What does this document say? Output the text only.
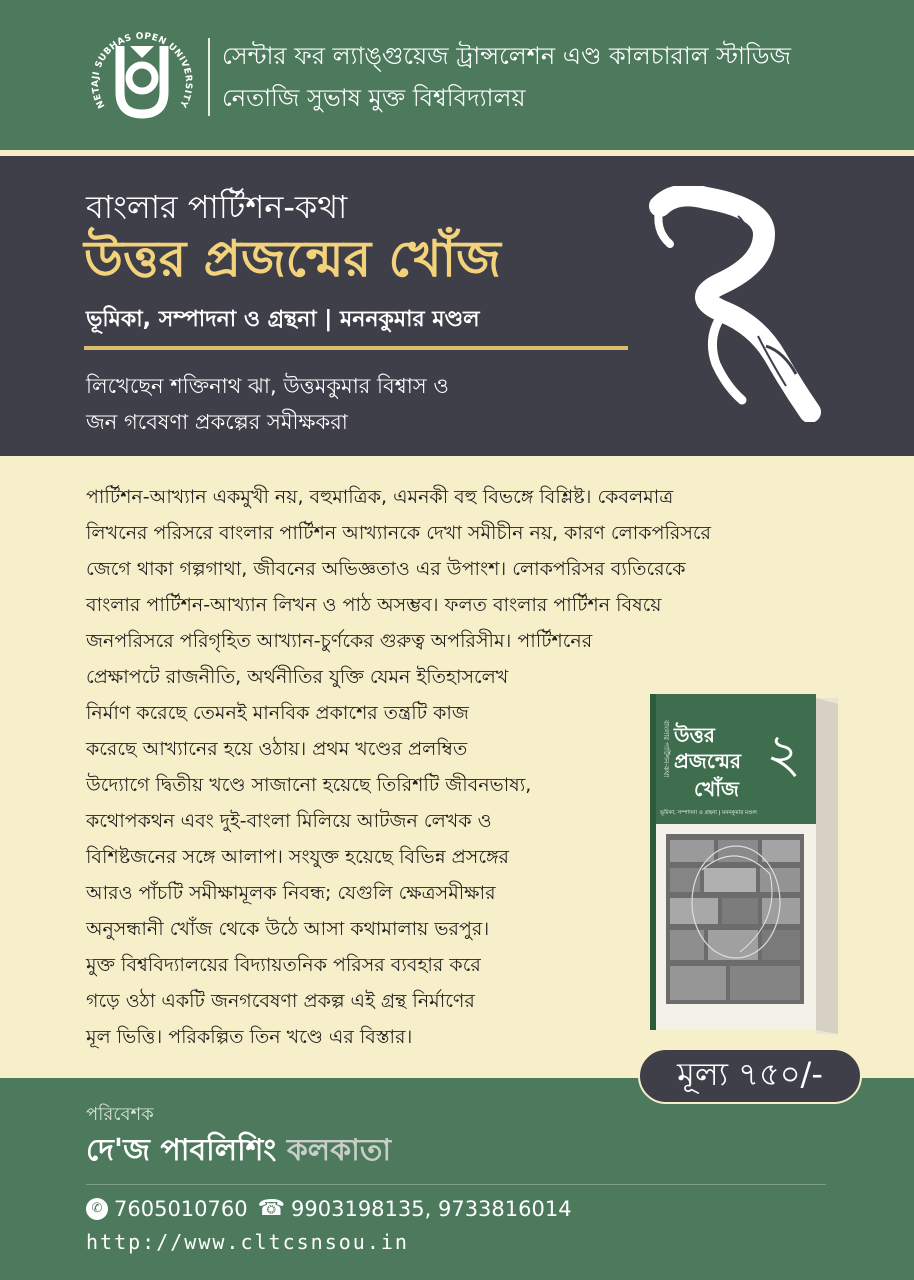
NETAJI SUBHAS OPEN UNIVERSITY
সেন্টার ফর ল্যাঙ্গুয়েজ ট্রান্সলেশন এণ্ড কালচারাল স্টাডিজ
নেতাজি সুভাষ মুক্ত বিশ্ববিদ্যালয়
বাংলার পার্টিশন-কথা
উত্তর প্রজন্মের খোঁজ
ভূমিকা, সম্পাদনা ও গ্রন্থনা | মননকুমার মণ্ডল
লিখেছেন শক্তিনাথ ঝা, উত্তমকুমার বিশ্বাস ও
জন গবেষণা প্রকল্পের সমীক্ষকরা
পার্টিশন-আখ্যান একমুখী নয়, বহুমাত্রিক, এমনকী বহু বিভঙ্গে বিশ্লিষ্ট। কেবলমাত্র
লিখনের পরিসরে বাংলার পার্টিশন আখ্যানকে দেখা সমীচীন নয়, কারণ লোকপরিসরে
জেগে থাকা গল্পগাথা, জীবনের অভিজ্ঞতাও এর উপাংশ। লোকপরিসর ব্যতিরেকে
বাংলার পার্টিশন-আখ্যান লিখন ও পাঠ অসম্ভব। ফলত বাংলার পার্টিশন বিষয়ে
জনপরিসরে পরিগৃহিত আখ্যান-চুর্ণকের গুরুত্ব অপরিসীম। পার্টিশনের
প্রেক্ষাপটে রাজনীতি, অর্থনীতির যুক্তি যেমন ইতিহাসলেখ
নির্মাণ করেছে তেমনই মানবিক প্রকাশের তন্ত্রটি কাজ
করেছে আখ্যানের হয়ে ওঠায়। প্রথম খণ্ডের প্রলম্বিত
উদ্যোগে দ্বিতীয় খণ্ডে সাজানো হয়েছে তিরিশটি জীবনভাষ্য,
কথোপকথন এবং দুই-বাংলা মিলিয়ে আটজন লেখক ও
বিশিষ্টজনের সঙ্গে আলাপ। সংযুক্ত হয়েছে বিভিন্ন প্রসঙ্গের
আরও পাঁচটি সমীক্ষামূলক নিবন্ধ; যেগুলি ক্ষেত্রসমীক্ষার
অনুসন্ধানী খোঁজ থেকে উঠে আসা কথামালায় ভরপুর।
মুক্ত বিশ্ববিদ্যালয়ের বিদ্যায়তনিক পরিসর ব্যবহার করে
গড়ে ওঠা একটি জনগবেষণা প্রকল্প এই গ্রন্থ নির্মাণের
মূল ভিত্তি। পরিকল্পিত তিন খণ্ডে এর বিস্তার।
বাংলার পার্টিশন-কথা উত্তর
প্রজন্মের
খোঁজ
২
ভূমিকা, সম্পাদনা ও গ্রন্থনা | মননকুমার মণ্ডল
মূল্য ৭৫০/-
পরিবেশক
দে'জ পাবলিশিং কলকাতা
✆ 7605010760 ☎ 9903198135, 9733816014
http://www.cltcsnsou.in
